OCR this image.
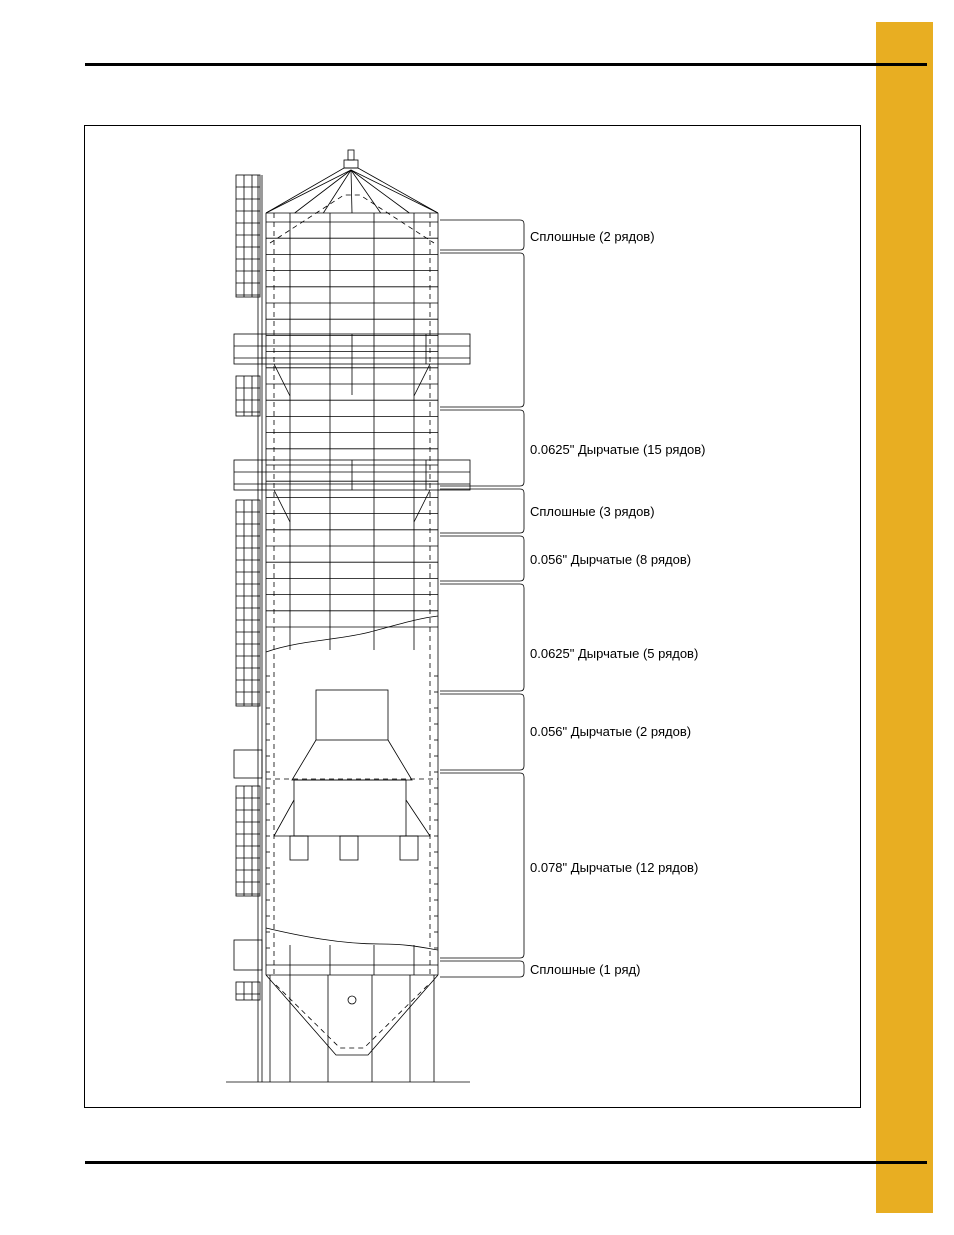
Сплошные (2 рядов)
0.0625" Дырчатые (15 рядов)
Сплошные (3 рядов)
0.056" Дырчатые (8 рядов)
0.0625" Дырчатые (5 рядов)
0.056" Дырчатые (2 рядов)
0.078" Дырчатые (12 рядов)
Сплошные (1 ряд)
